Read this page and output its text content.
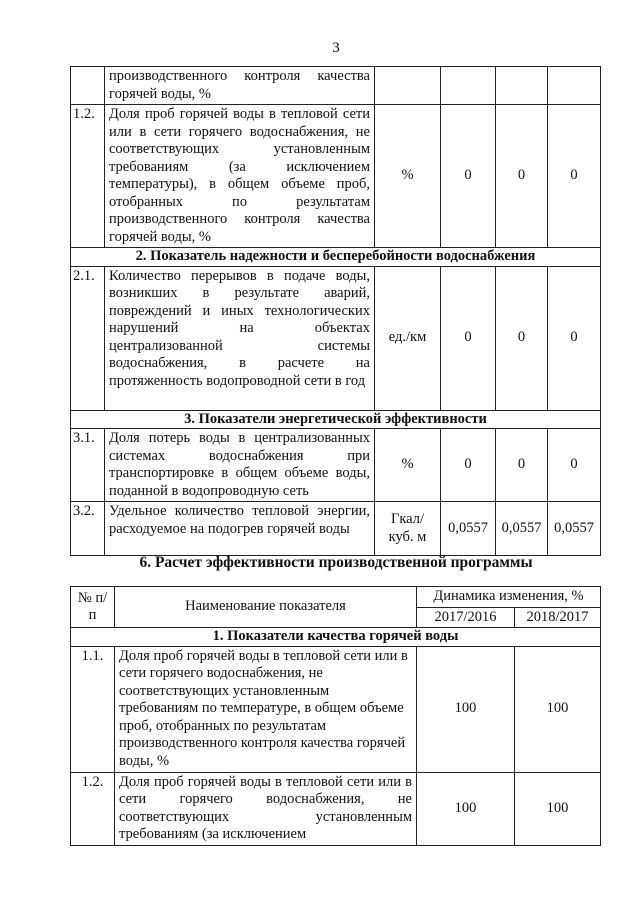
3
	производственного контроля качества горячей воды, %				
1.2.	Доля проб горячей воды в тепловой сети или в сети горячего водоснабжения, не соответствующих установленным требованиям (за исключением температуры), в общем объеме проб, отобранных по результатам производственного контроля качества горячей воды, %	%	0	0	0
2. Показатель надежности и бесперебойности водоснабжения					
2.1.	Количество перерывов в подаче воды, возникших в результате аварий, повреждений и иных технологических нарушений на объектах централизованной системы водоснабжения, в расчете на протяженность водопроводной сети в год	ед./км	0	0	0
3. Показатели энергетической эффективности					
3.1.	Доля потерь воды в централизованных системах водоснабжения при транспортировке в общем объеме воды, поданной в водопроводную сеть	%	0	0	0
3.2.	Удельное количество тепловой энергии, расходуемое на подогрев горячей воды	Гкал/ куб. м	0,0557	0,0557	0,0557
6. Расчет эффективности производственной программы
№ п/п	Наименование показателя	Динамика изменения, %	
		2017/2016	2018/2017
1. Показатели качества горячей воды			
1.1.	Доля проб горячей воды в тепловой сети или в сети горячего водоснабжения, не соответствующих установленным требованиям по температуре, в общем объеме проб, отобранных по результатам производственного контроля качества горячей воды, %	100	100
1.2.	Доля проб горячей воды в тепловой сети или в сети горячего водоснабжения, не соответствующих установленным требованиям (за исключением	100	100
